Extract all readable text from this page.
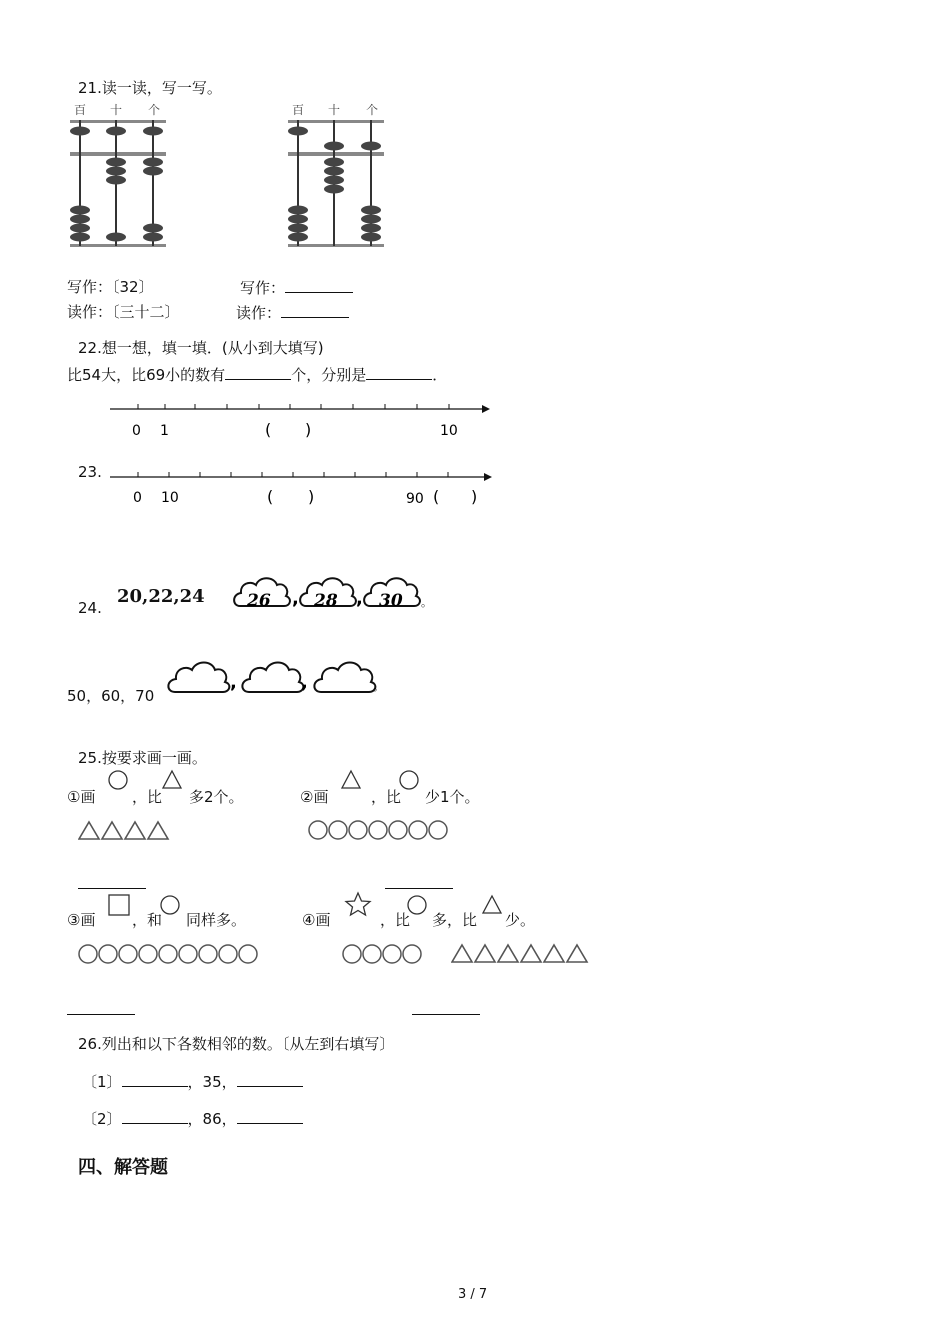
21.读一读，写一写。
百 十 个	百 十 个
写作：〔32〕
读作：〔三十二〕
写作：
读作：
22.想一想，填一填．(从小到大填写)
比54大，比69小的数有	个，分别是	．
0 1	( )	10
23.
0 10	( )	90 ( )
24.
20,22,24 26 , 28 , 30 。
50，60，70
,	,	。
25.按要求画一画。
①画 ，比 多2个。	②画	，比 少1个。
③画 ，和 同样多。	④画	，比 多，比 少。
26.列出和以下各数相邻的数。〔从左到右填写〕
〔1〕	，35，
〔2〕	，86，
四、解答题
3 / 7
